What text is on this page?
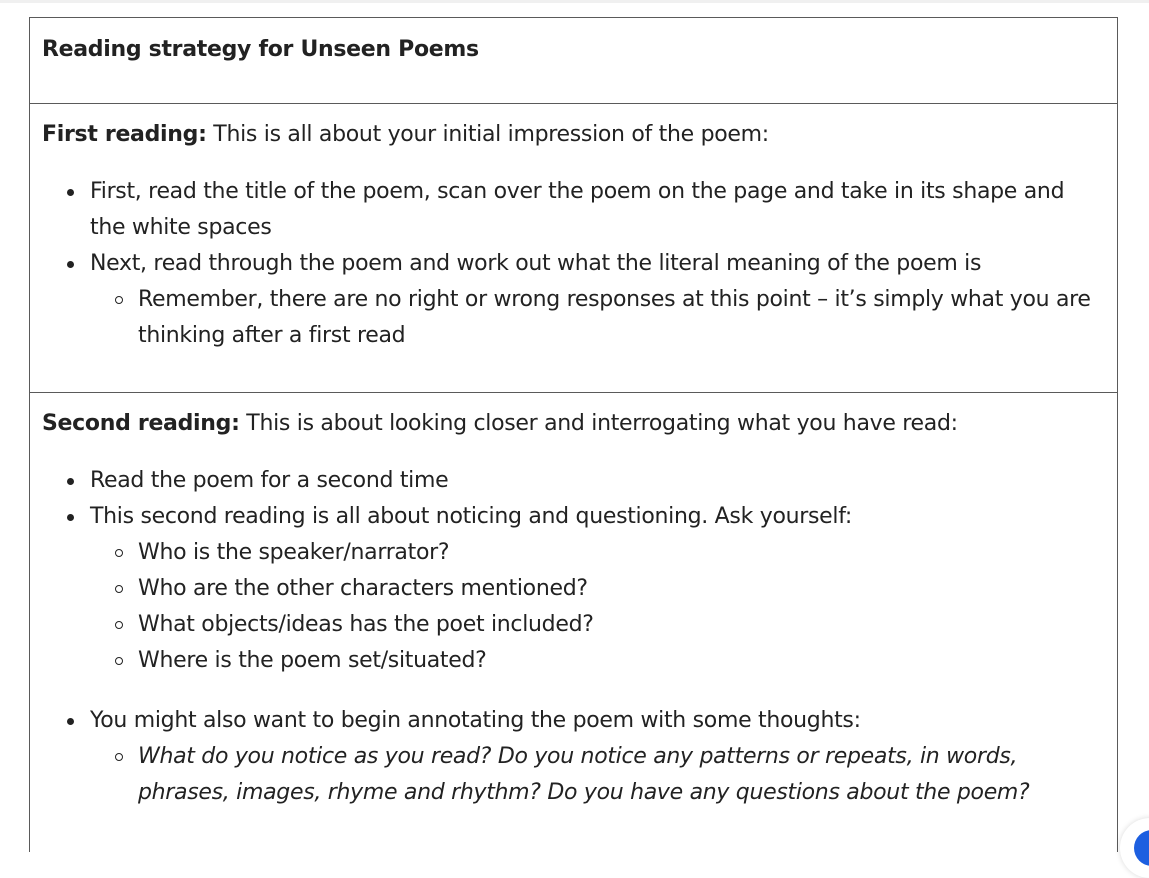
Reading strategy for Unseen Poems

First reading: This is all about your initial impression of the poem:

First, read the title of the poem, scan over the poem on the page and take in its shape and the white spaces
Next, read through the poem and work out what the literal meaning of the poem is
Remember, there are no right or wrong responses at this point – it’s simply what you are thinking after a first read

Second reading: This is about looking closer and interrogating what you have read:

Read the poem for a second time
This second reading is all about noticing and questioning. Ask yourself:
Who is the speaker/narrator?
Who are the other characters mentioned?
What objects/ideas has the poet included?
Where is the poem set/situated?
You might also want to begin annotating the poem with some thoughts:
What do you notice as you read? Do you notice any patterns or repeats, in words, phrases, images, rhyme and rhythm? Do you have any questions about the poem?
